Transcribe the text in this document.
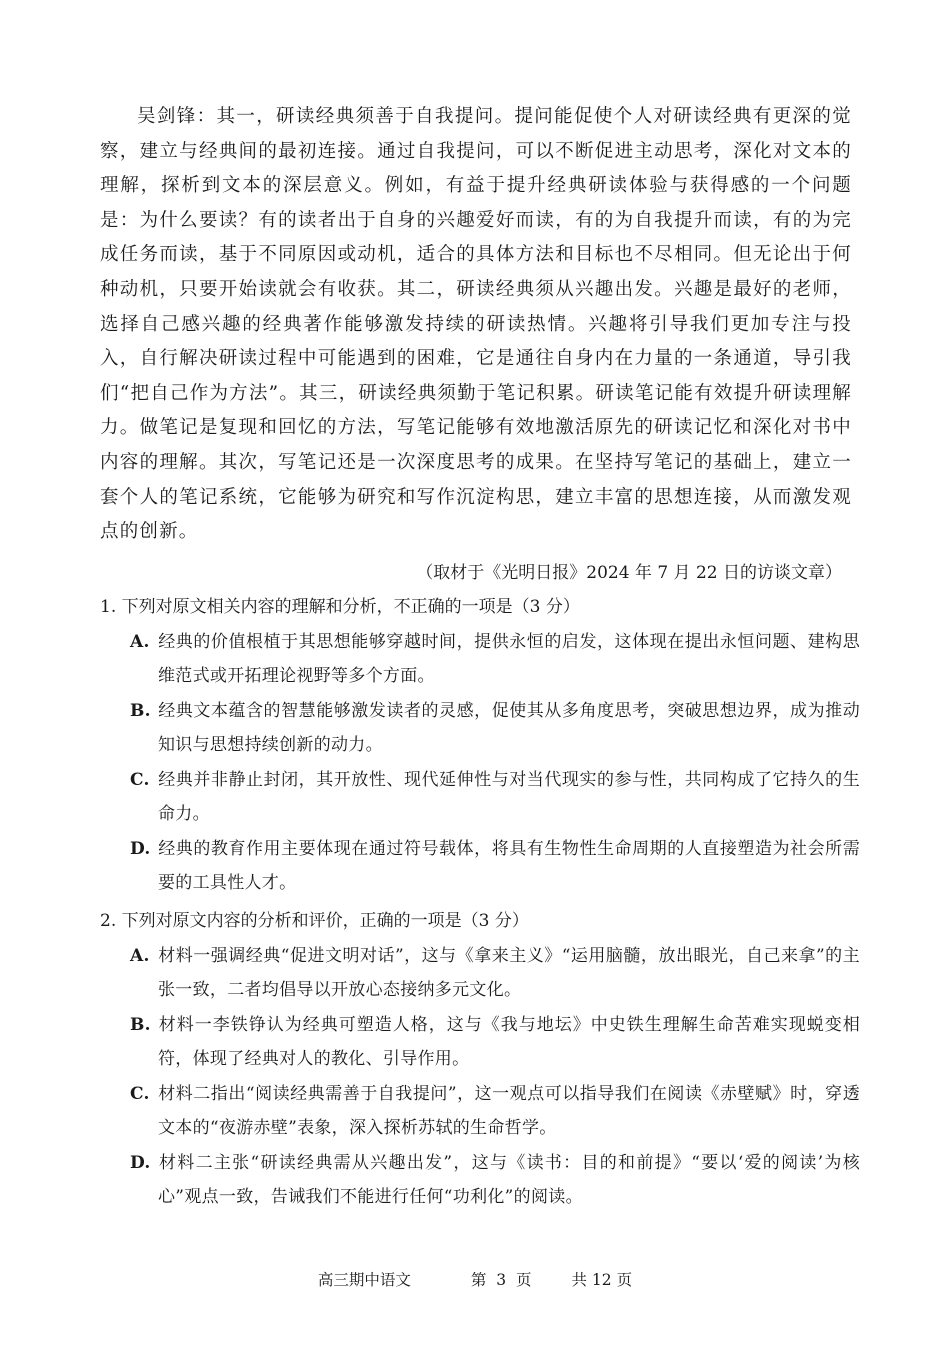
吴剑锋：其一，研读经典须善于自我提问。提问能促使个人对研读经典有更深的觉察，建立与经典间的最初连接。通过自我提问，可以不断促进主动思考，深化对文本的理解，探析到文本的深层意义。例如，有益于提升经典研读体验与获得感的一个问题是：为什么要读？有的读者出于自身的兴趣爱好而读，有的为自我提升而读，有的为完成任务而读，基于不同原因或动机，适合的具体方法和目标也不尽相同。但无论出于何种动机，只要开始读就会有收获。其二，研读经典须从兴趣出发。兴趣是最好的老师，选择自己感兴趣的经典著作能够激发持续的研读热情。兴趣将引导我们更加专注与投入，自行解决研读过程中可能遇到的困难，它是通往自身内在力量的一条通道，导引我们“把自己作为方法”。其三，研读经典须勤于笔记积累。研读笔记能有效提升研读理解力。做笔记是复现和回忆的方法，写笔记能够有效地激活原先的研读记忆和深化对书中内容的理解。其次，写笔记还是一次深度思考的成果。在坚持写笔记的基础上，建立一套个人的笔记系统，它能够为研究和写作沉淀构思，建立丰富的思想连接，从而激发观点的创新。

（取材于《光明日报》2024 年 7 月 22 日的访谈文章）

1. 下列对原文相关内容的理解和分析，不正确的一项是（3 分）

A. 经典的价值根植于其思想能够穿越时间，提供永恒的启发，这体现在提出永恒问题、建构思维范式或开拓理论视野等多个方面。

B. 经典文本蕴含的智慧能够激发读者的灵感，促使其从多角度思考，突破思想边界，成为推动知识与思想持续创新的动力。

C. 经典并非静止封闭，其开放性、现代延伸性与对当代现实的参与性，共同构成了它持久的生命力。

D. 经典的教育作用主要体现在通过符号载体，将具有生物性生命周期的人直接塑造为社会所需要的工具性人才。

2. 下列对原文内容的分析和评价，正确的一项是（3 分）

A. 材料一强调经典“促进文明对话”，这与《拿来主义》“运用脑髓，放出眼光，自己来拿”的主张一致，二者均倡导以开放心态接纳多元文化。

B. 材料一李铁铮认为经典可塑造人格，这与《我与地坛》中史铁生理解生命苦难实现蜕变相符，体现了经典对人的教化、引导作用。

C. 材料二指出“阅读经典需善于自我提问”，这一观点可以指导我们在阅读《赤壁赋》时，穿透文本的“夜游赤壁”表象，深入探析苏轼的生命哲学。

D. 材料二主张“研读经典需从兴趣出发”，这与《读书：目的和前提》“要以‘爱的阅读’为核心”观点一致，告诫我们不能进行任何“功利化”的阅读。

高三期中语文	第  3  页	共 12 页
